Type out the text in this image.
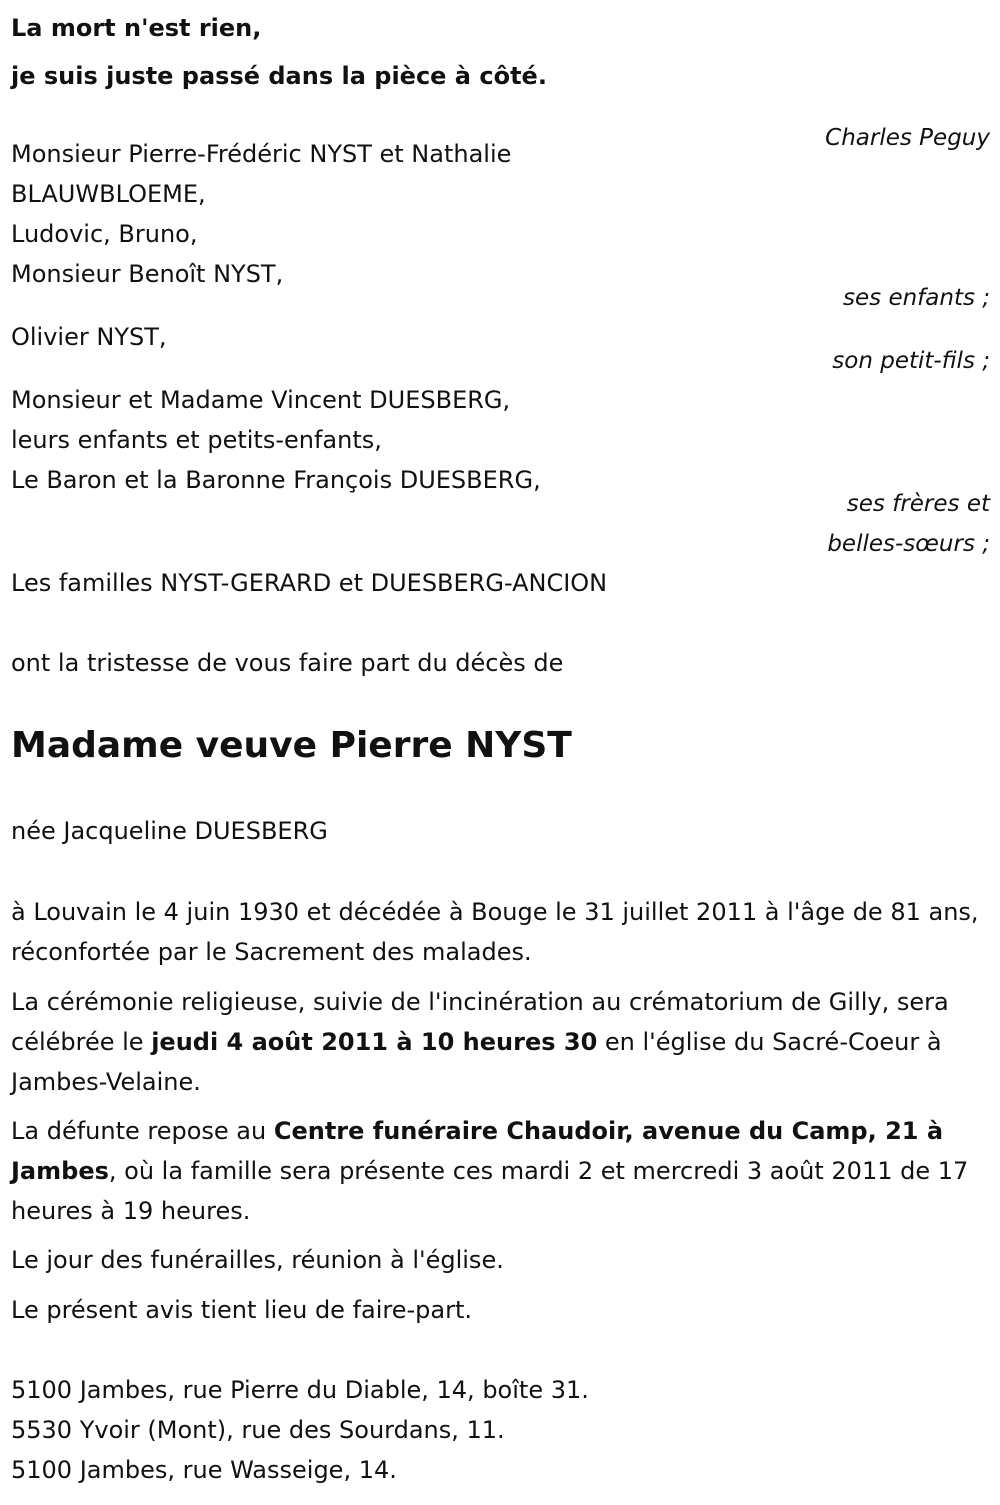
La mort n'est rien,
je suis juste passé dans la pièce à côté.

Charles Peguy

Monsieur Pierre-Frédéric NYST et Nathalie
BLAUWBLOEME,
Ludovic, Bruno,
Monsieur Benoît NYST,

ses enfants ;

Olivier NYST,

son petit-fils ;

Monsieur et Madame Vincent DUESBERG,
leurs enfants et petits-enfants,
Le Baron et la Baronne François DUESBERG,
ses frères et
belles-sœurs ;

Les familles NYST-GERARD et DUESBERG-ANCION

ont la tristesse de vous faire part du décès de

Madame veuve Pierre NYST

née Jacqueline DUESBERG

à Louvain le 4 juin 1930 et décédée à Bouge le 31 juillet 2011 à l'âge de 81 ans, réconfortée par le Sacrement des malades.

La cérémonie religieuse, suivie de l'incinération au crématorium de Gilly, sera célébrée le jeudi 4 août 2011 à 10 heures 30 en l'église du Sacré-Coeur à Jambes-Velaine.

La défunte repose au Centre funéraire Chaudoir, avenue du Camp, 21 à Jambes, où la famille sera présente ces mardi 2 et mercredi 3 août 2011 de 17 heures à 19 heures.

Le jour des funérailles, réunion à l'église.

Le présent avis tient lieu de faire-part.

5100 Jambes, rue Pierre du Diable, 14, boîte 31.
5530 Yvoir (Mont), rue des Sourdans, 11.
5100 Jambes, rue Wasseige, 14.
